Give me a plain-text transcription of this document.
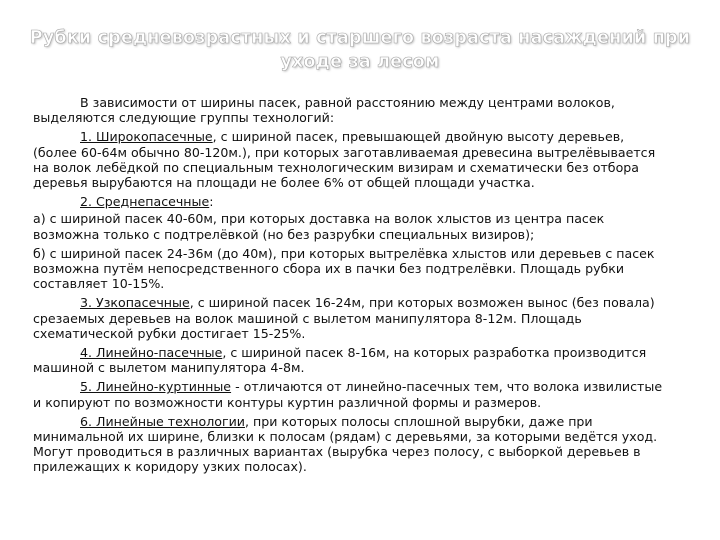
Рубки средневозрастных и старшего возраста насаждений при
уходе за лесом

В зависимости от ширины пасек, равной расстоянию между центрами волоков,
выделяются следующие группы технологий:

1. Широкопасечные, с шириной пасек, превышающей двойную высоту деревьев,
(более 60-64м обычно 80-120м.), при которых заготавливаемая древесина вытрелёвывается
на волок лебёдкой по специальным технологическим визирам и схематически без отбора
деревья вырубаются на площади не более 6% от общей площади участка.

2. Среднепасечные:

а) с шириной пасек 40-60м, при которых доставка на волок хлыстов из центра пасек
возможна только с подтрелёвкой (но без разрубки специальных визиров);

б) с шириной пасек 24-36м (до 40м), при которых вытрелёвка хлыстов или деревьев с пасек
возможна путём непосредственного сбора их в пачки без подтрелёвки. Площадь рубки
составляет 10-15%.

3. Узкопасечные, с шириной пасек 16-24м, при которых возможен вынос (без повала)
срезаемых деревьев на волок машиной с вылетом манипулятора 8-12м. Площадь
схематической рубки достигает 15-25%.

4. Линейно-пасечные, с шириной пасек 8-16м, на которых разработка производится
машиной с вылетом манипулятора 4-8м.

5. Линейно-куртинные - отличаются от линейно-пасечных тем, что волока извилистые
и копируют по возможности контуры куртин различной формы и размеров.

6. Линейные технологии, при которых полосы сплошной вырубки, даже при
минимальной их ширине, близки к полосам (рядам) с деревьями, за которыми ведётся уход.
Могут проводиться в различных вариантах (вырубка через полосу, с выборкой деревьев в
прилежащих к коридору узких полосах).
